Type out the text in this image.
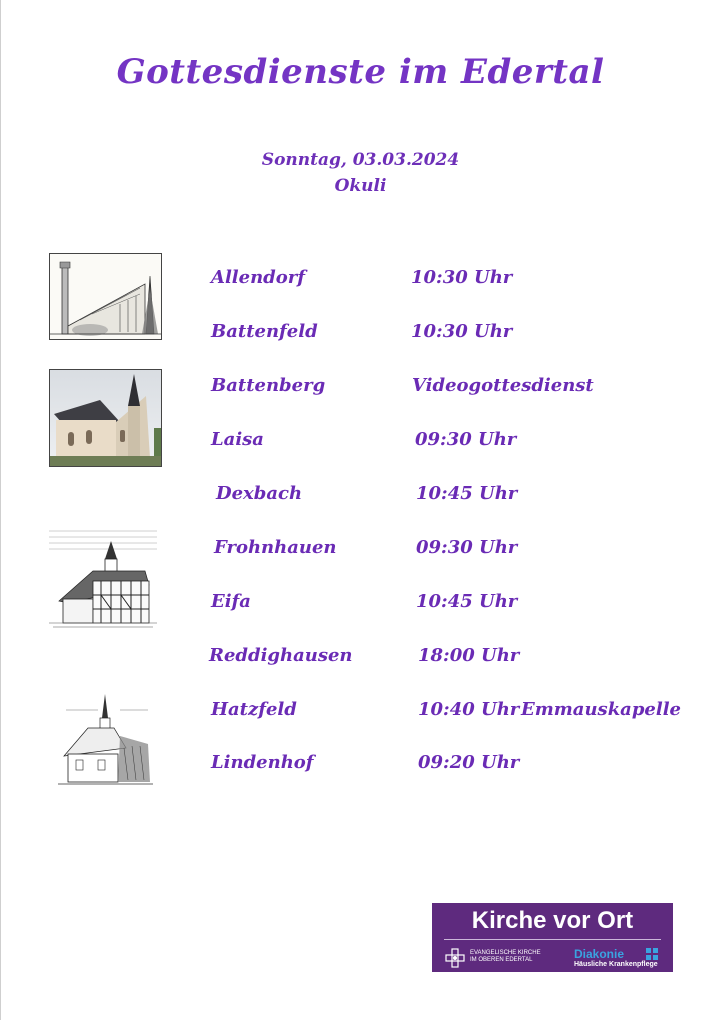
Gottesdienste im Edertal
Sonntag, 03.03.2024
Okuli
Allendorf	10:30 Uhr
Battenfeld	10:30 Uhr
Battenberg	Videogottesdienst
Laisa	09:30 Uhr
Dexbach	10:45 Uhr
Frohnhauen	09:30 Uhr
Eifa	10:45 Uhr
Reddighausen	18:00 Uhr
Hatzfeld	10:40 Uhr Emmauskapelle
Lindenhof	09:20 Uhr
Kirche vor Ort
EVANGELISCHE KIRCHE
IM OBEREN EDERTAL	Diakonie
Häusliche Krankenpflege
